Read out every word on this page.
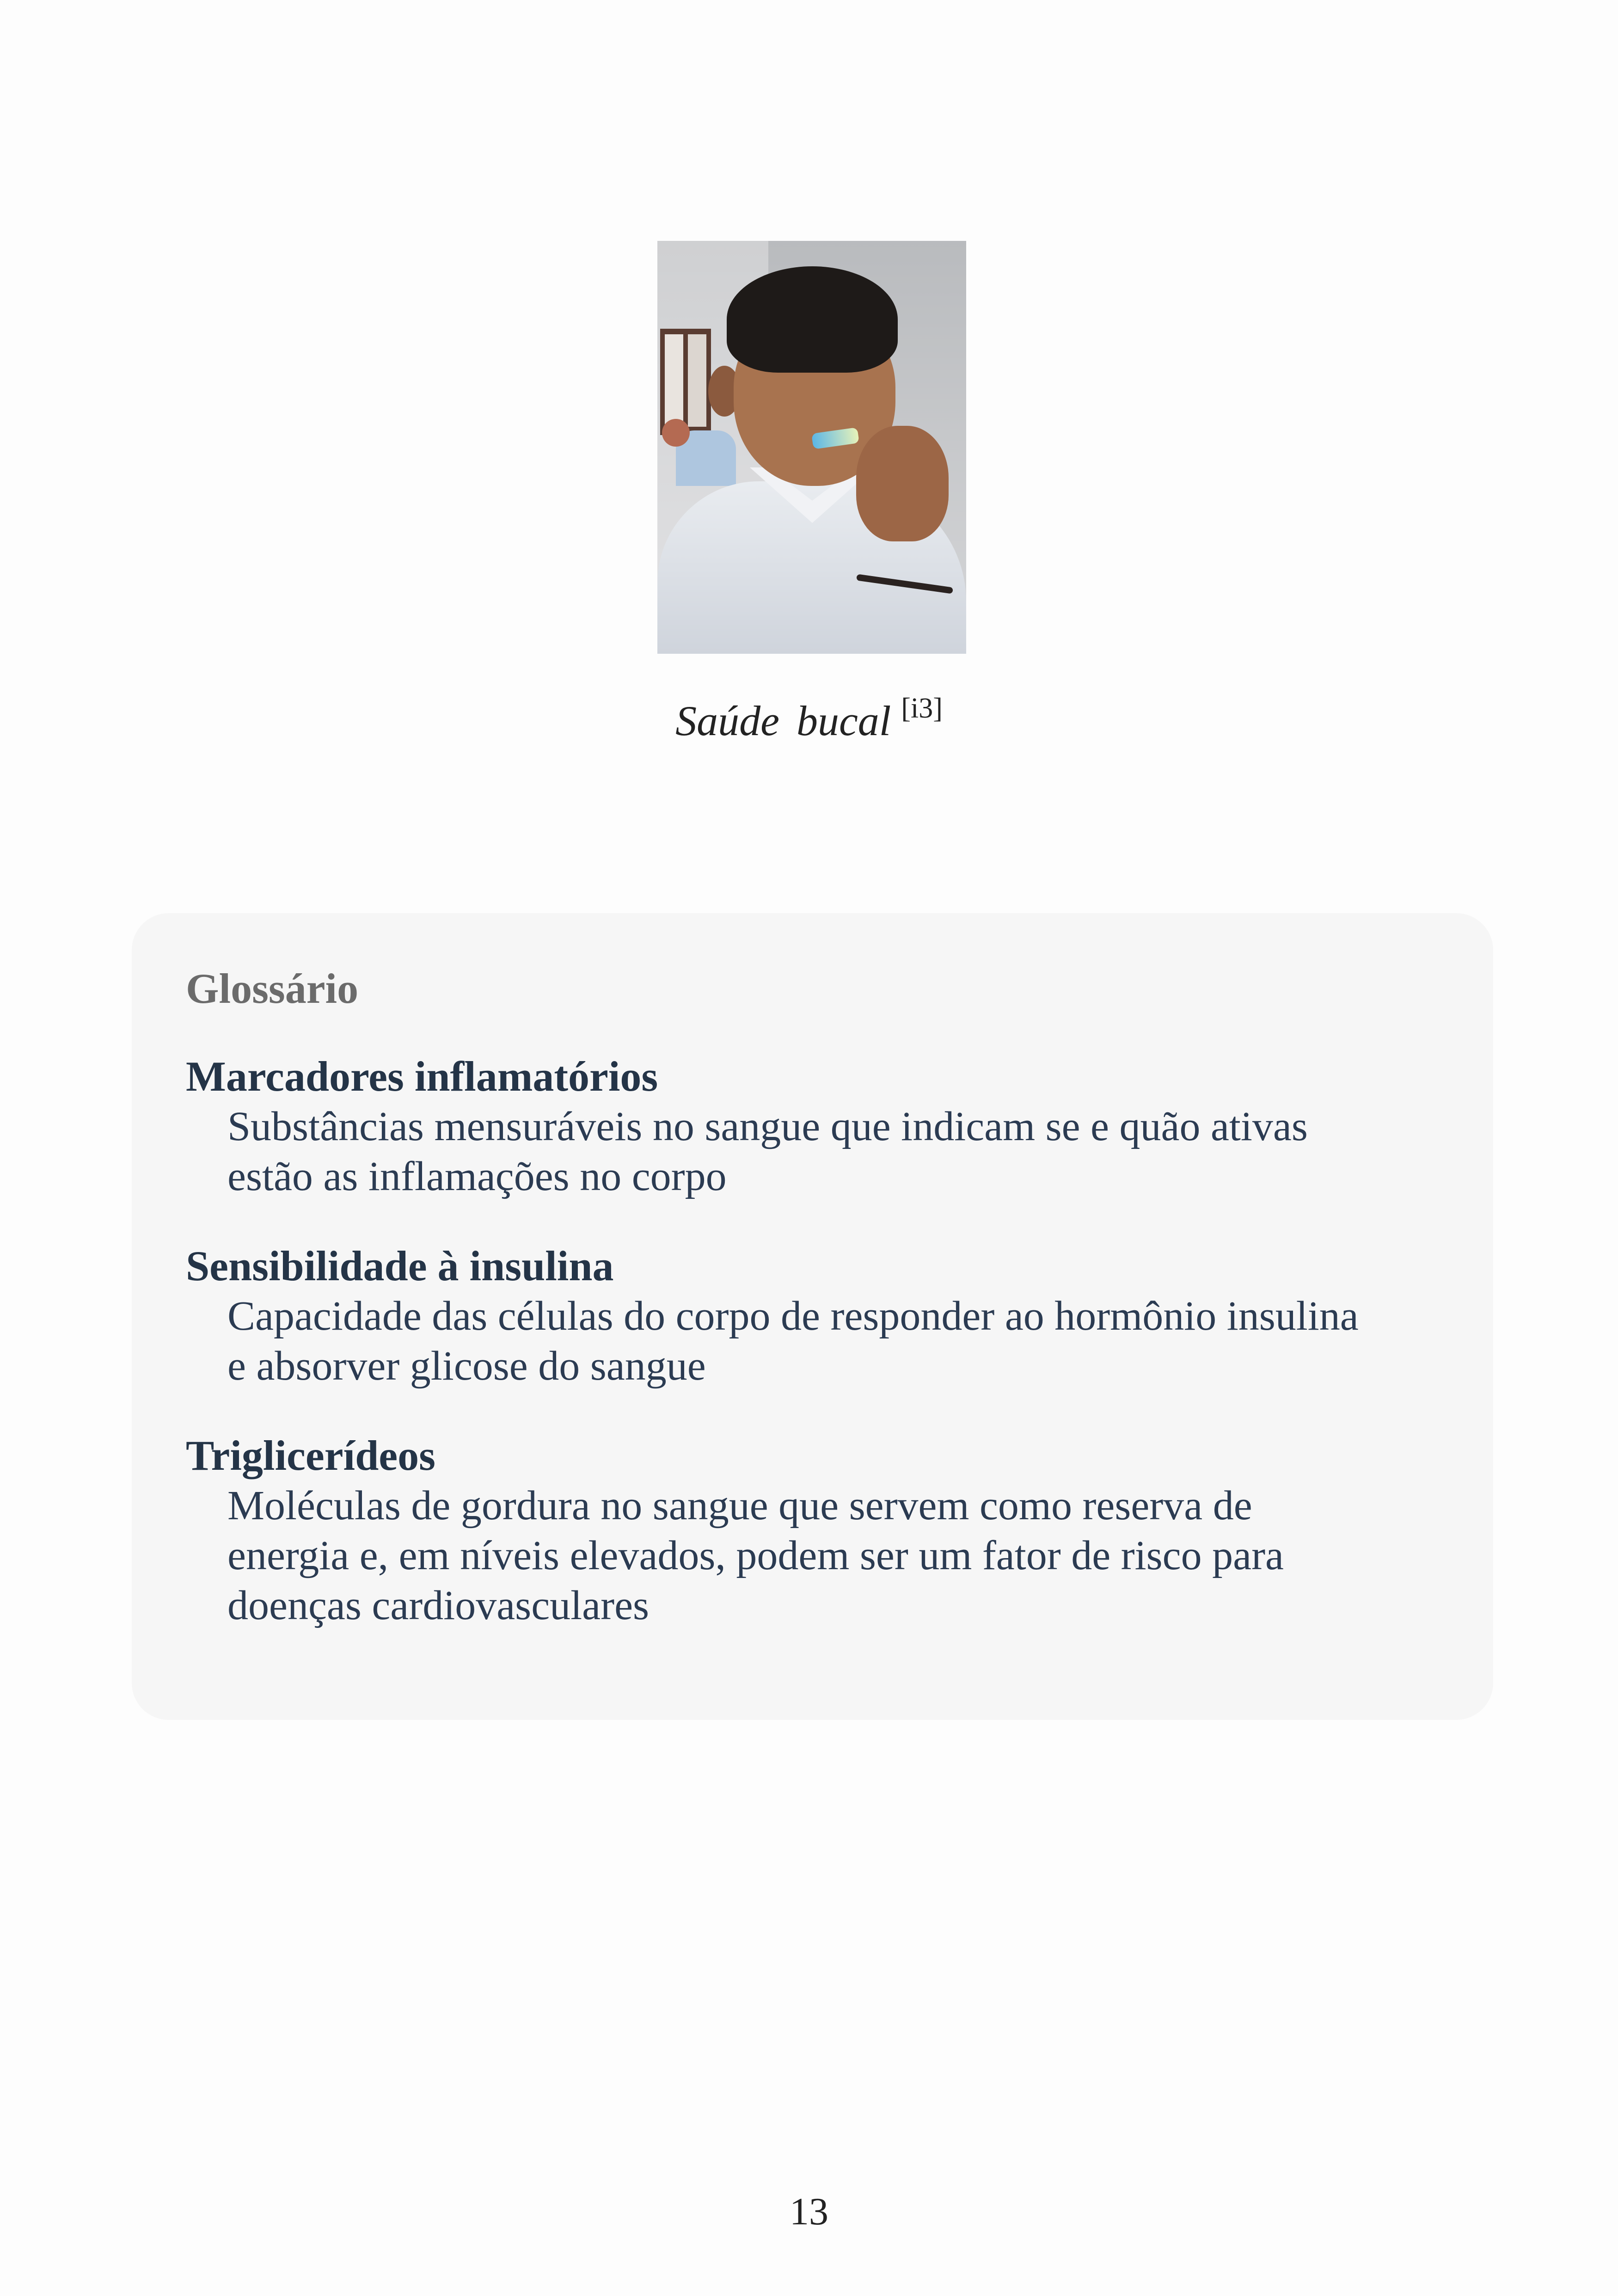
Saúde bucal [i3]
Glossário
Marcadores inflamatórios
Substâncias mensuráveis no sangue que indicam se e quão ativas
estão as inflamações no corpo
Sensibilidade à insulina
Capacidade das células do corpo de responder ao hormônio insulina
e absorver glicose do sangue
Triglicerídeos
Moléculas de gordura no sangue que servem como reserva de
energia e, em níveis elevados, podem ser um fator de risco para
doenças cardiovasculares
13
